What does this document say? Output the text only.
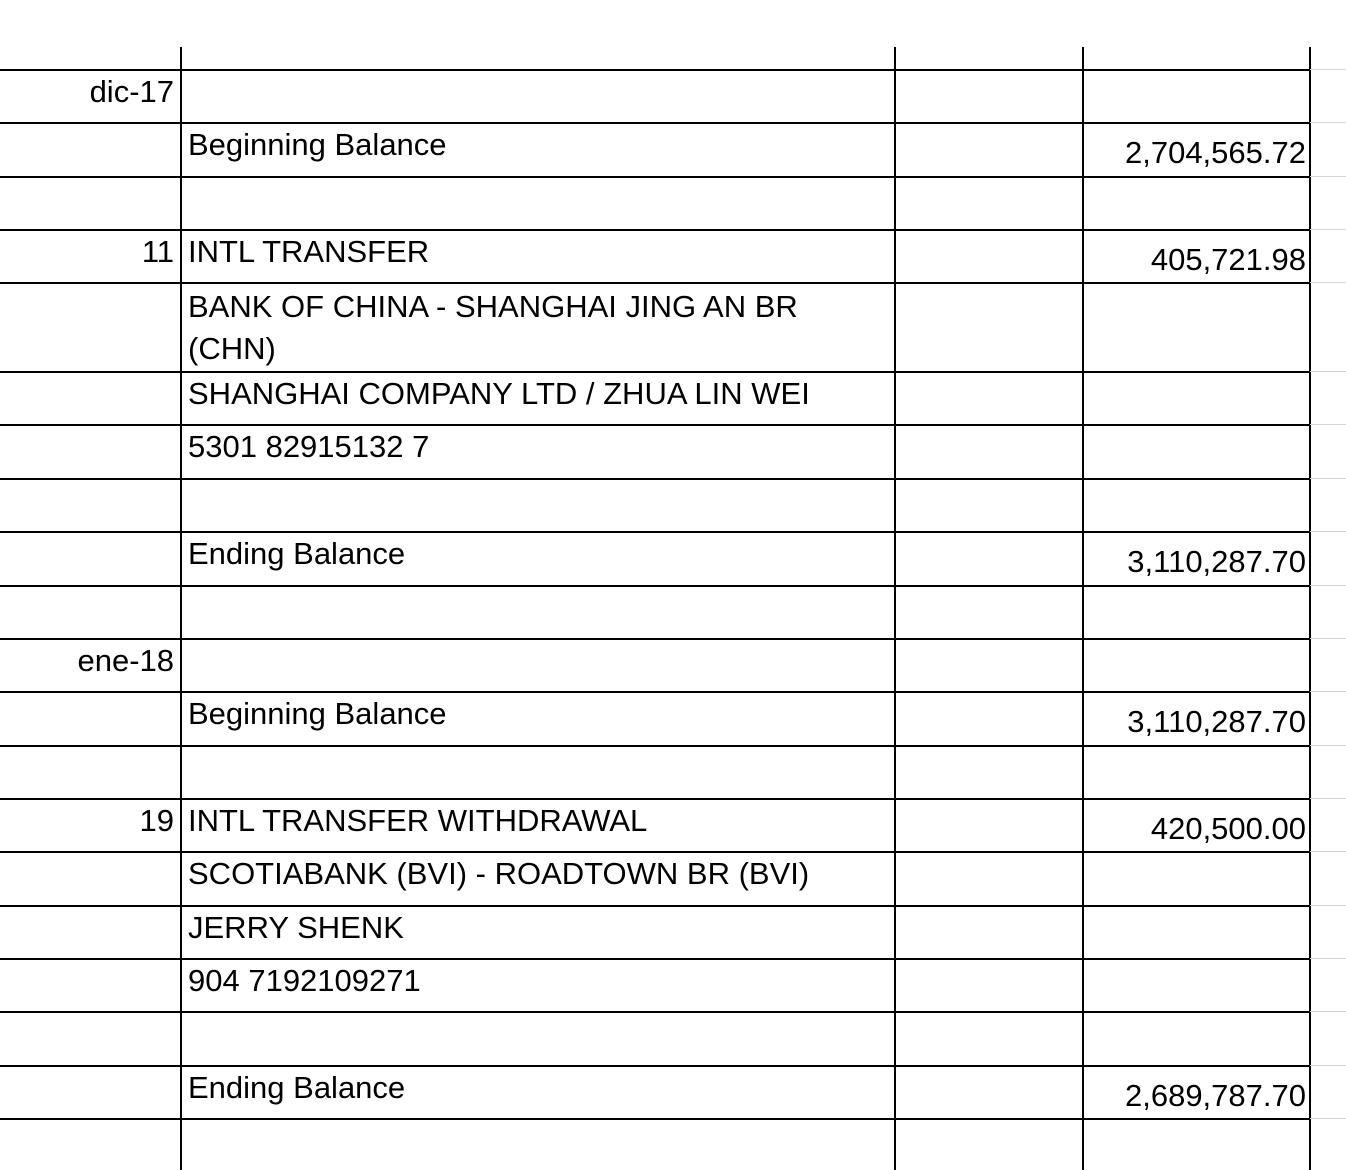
dic-17
Beginning Balance	2,704,565.72
11 INTL TRANSFER	405,721.98
BANK OF CHINA - SHANGHAI JING AN BR (CHN)
SHANGHAI COMPANY LTD / ZHUA LIN WEI
5301 82915132 7
Ending Balance	3,110,287.70
ene-18
Beginning Balance	3,110,287.70
19 INTL TRANSFER WITHDRAWAL	420,500.00
SCOTIABANK (BVI) - ROADTOWN BR (BVI)
JERRY SHENK
904 7192109271
Ending Balance	2,689,787.70
